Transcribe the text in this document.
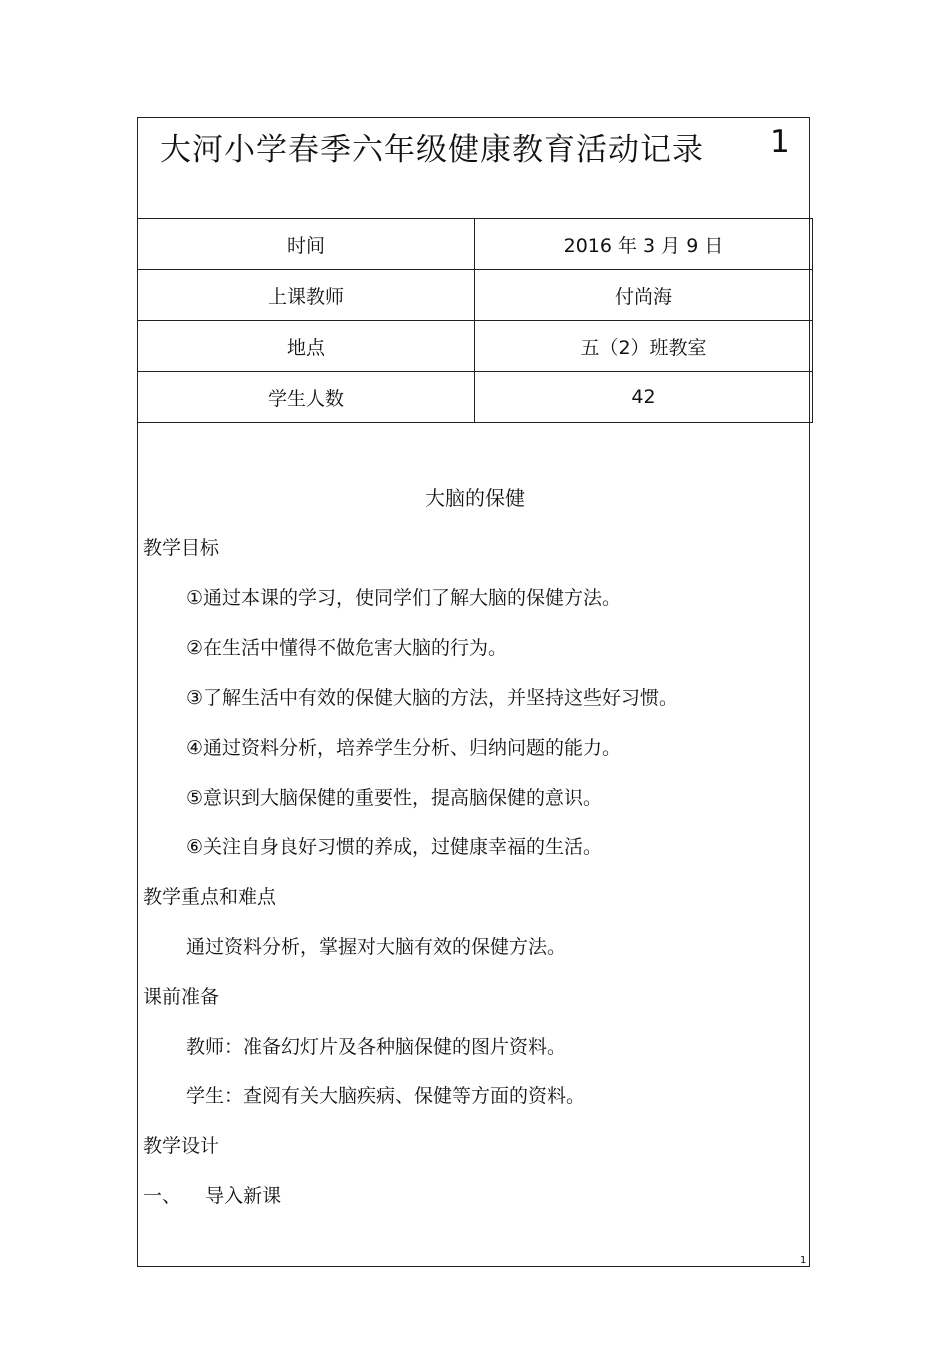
大河小学春季六年级健康教育活动记录 1
时间	2016 年 3 月 9 日
上课教师	付尚海
地点	五（2）班教室
学生人数	42
大脑的保健
教学目标
①通过本课的学习，使同学们了解大脑的保健方法。
②在生活中懂得不做危害大脑的行为。
③了解生活中有效的保健大脑的方法，并坚持这些好习惯。
④通过资料分析，培养学生分析、归纳问题的能力。
⑤意识到大脑保健的重要性，提高脑保健的意识。
⑥关注自身良好习惯的养成，过健康幸福的生活。
教学重点和难点
通过资料分析，掌握对大脑有效的保健方法。
课前准备
教师：准备幻灯片及各种脑保健的图片资料。
学生：查阅有关大脑疾病、保健等方面的资料。
教学设计
一、    导入新课
1
